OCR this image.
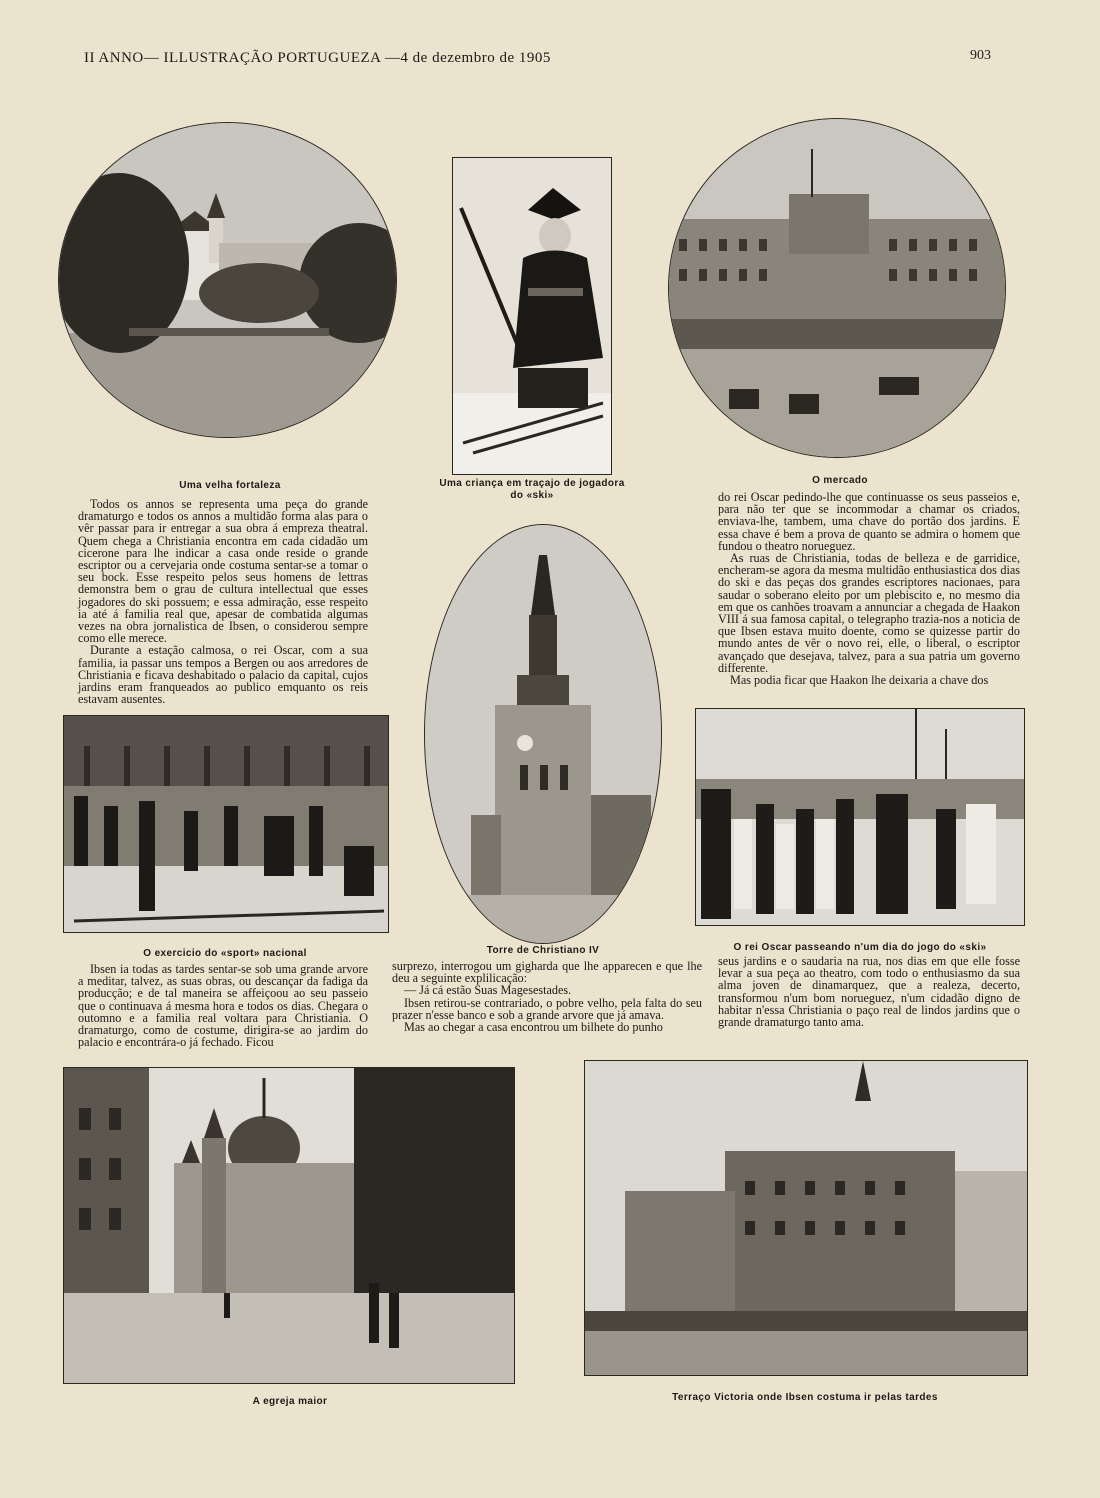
II ANNO— ILLUSTRAÇÃO PORTUGUEZA —4 de dezembro de 1905	903
Uma velha fortaleza	Uma criança em traçajo de jogadora do «ski»
O mercado

Todos os annos se representa uma peça do grande dramaturgo e todos os annos a multidão forma alas para o vêr passar para ir entregar a sua obra á empreza theatral. Quem chega a Christiania encontra em cada cidadão um cicerone para lhe indicar a casa onde reside o grande escriptor ou a cervejaria onde costuma sentar-se a tomar o seu bock. Esse respeito pelos seus homens de lettras demonstra bem o grau de cultura intellectual que esses jogadores do ski possuem; e essa admiração, esse respeito ia até á familia real que, apesar de combatida algumas vezes na obra jornalistica de Ibsen, o considerou sempre como elle merece.

Durante a estação calmosa, o rei Oscar, com a sua familia, ia passar uns tempos a Bergen ou aos arredores de Christiania e ficava deshabitado o palacio da capital, cujos jardins eram franqueados ao publico emquanto os reis estavam ausentes.

do rei Oscar pedindo-lhe que continuasse os seus passeios e, para não ter que se incommodar a chamar os criados, enviava-lhe, tambem, uma chave do portão dos jardins. E essa chave é bem a prova de quanto se admira o homem que fundou o theatro norueguez.

As ruas de Christiania, todas de belleza e de garridice, encheram-se agora da mesma multidão enthusiastica dos dias do ski e das peças dos grandes escriptores nacionaes, para saudar o soberano eleito por um plebiscito e, no mesmo dia em que os canhões troavam a annunciar a chegada de Haakon VIII á sua famosa capital, o telegrapho trazia-nos a noticia de que Ibsen estava muito doente, como se quizesse partir do mundo antes de vêr o novo rei, elle, o liberal, o escriptor avançado que desejava, talvez, para a sua patria um governo differente.

Mas podia ficar que Haakon lhe deixaria a chave dos

O exercicio do «sport» nacional	Torre de Christiano IV	O rei Oscar passeando n'um dia do jogo do «ski»

Ibsen ia todas as tardes sentar-se sob uma grande arvore a meditar, talvez, as suas obras, ou descançar da fadiga da producção; e de tal maneira se affeiçoou ao seu passeio que o continuava á mesma hora e todos os dias. Chegara o outomno e a familia real voltara para Christiania. O dramaturgo, como de costume, dirigira-se ao jardim do palacio e encontrára-o já fechado. Ficou

surprezo, interrogou um gigharda que lhe apparecen e que lhe deu a seguinte explilicação:

— Já cá estão Suas Magesestades.

Ibsen retirou-se contrariado, o pobre velho, pela falta do seu prazer n'esse banco e sob a grande arvore que já amava.

Mas ao chegar a casa encontrou um bilhete do punho

seus jardins e o saudaria na rua, nos dias em que elle fosse levar a sua peça ao theatro, com todo o enthusiasmo da sua alma joven de dinamarquez, que a realeza, decerto, transformou n'um bom norueguez, n'um cidadão digno de habitar n'essa Christiania o paço real de lindos jardins que o grande dramaturgo tanto ama.

A egreja maior	Terraço Victoria onde Ibsen costuma ir pelas tardes
